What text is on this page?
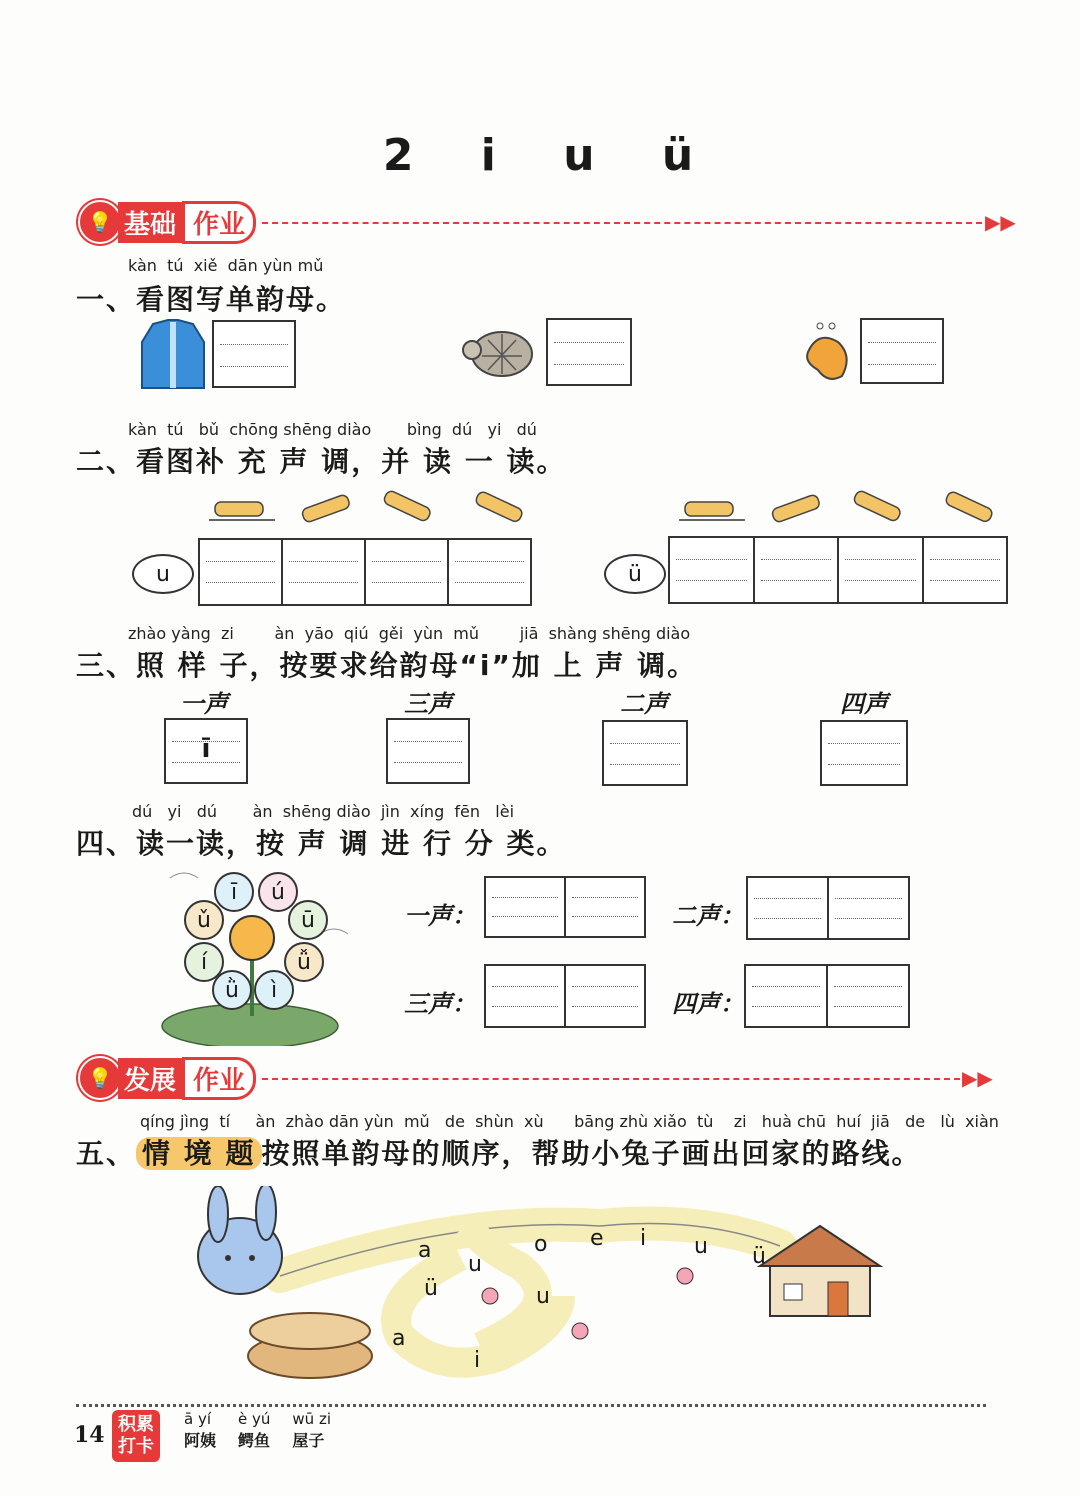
2 i u ü
💡 基础 作业	▶▶
kàn  tú  xiě  dān yùn mǔ
一、看图写单韵母。
kàn  tú   bǔ  chōng shēng diào       bìng  dú   yi   dú
二、看图补 充 声 调，并 读 一 读。
u	ü
zhào yàng  zi        àn  yāo  qiú  gěi  yùn  mǔ        jiā  shàng shēng diào
三、照 样 子，按要求给韵母“i”加 上 声 调。
一声	三声	二声	四声
ī
dú   yi   dú       àn  shēng diào  jìn  xíng  fēn   lèi
四、读一读，按 声 调 进 行 分 类。
ī ú
ǔ	ū
í	ǚ
ǜ ì
一声：	二声：
三声：	四声：
💡 发展 作业	▶▶
qíng jìng  tí     àn  zhào dān yùn  mǔ   de  shùn  xù      bāng zhù xiǎo  tù    zi   huà chū  huí  jiā   de   lù  xiàn
五、 情 境 题 按照单韵母的顺序，帮助小兔子画出回家的路线。
a
u
o e i u ü
ü	u
a
i
14 积累
打卡
ā yí
阿姨
è yú
鳄鱼
wū zi
屋子
